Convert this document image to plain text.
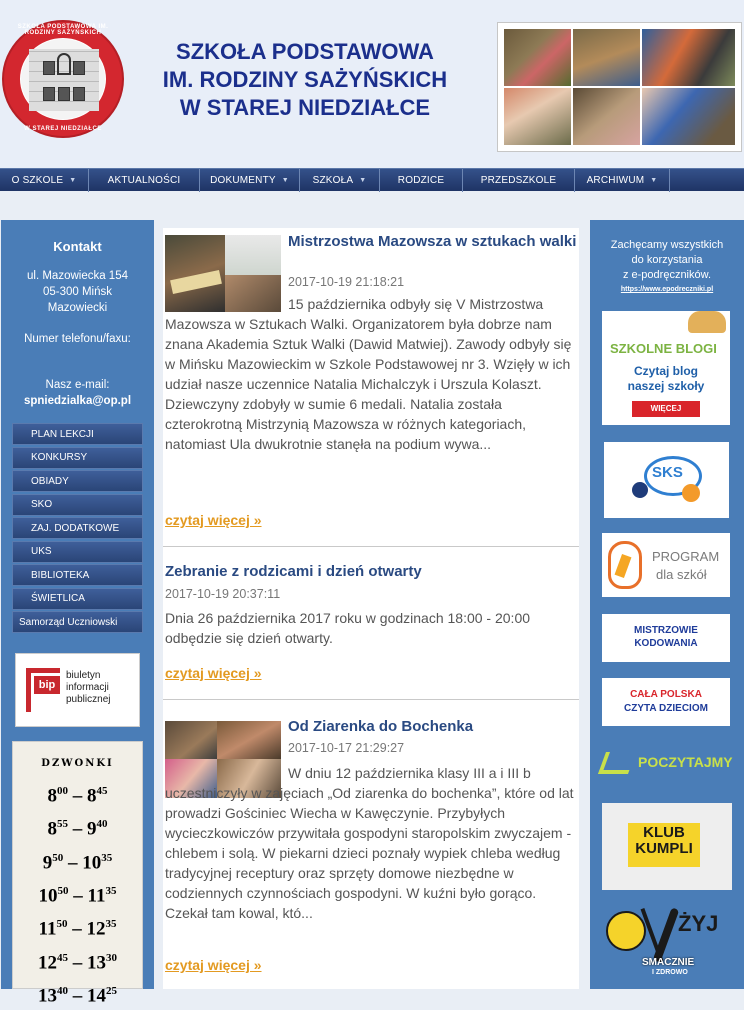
SZKOŁA PODSTAWOWA IM. RODZINY SAŻYŃSKICH
W STAREJ NIEDZIAŁCE
SZKOŁA PODSTAWOWA
IM. RODZINY SAŻYŃSKICH
W STAREJ NIEDZIAŁCE
O SZKOLE ▼	AKTUALNOŚCI	DOKUMENTY ▼ SZKOŁA ▼	RODZICE	PRZEDSZKOLE	ARCHIWUM ▼
Kontakt
ul. Mazowiecka 154
05-300 Mińsk
Mazowiecki
Numer telefonu/faxu:
Nasz e-mail:
spniedzialka@op.pl
PLAN LEKCJI
KONKURSY
OBIADY
SKO
ZAJ. DODATKOWE
UKS
BIBLIOTEKA
ŚWIETLICA
Samorząd Uczniowski
bip
biuletyn
informacji
publicznej
DZWONKI
$8^{00} - 8^{45}$
$8^{55} - 9^{40}$
$9^{50} - 10^{35}$
$10^{50} - 11^{35}$
$11^{50} - 12^{35}$
$12^{45} - 13^{30}$
$13^{40} - 14^{25}$
Mistrzostwa Mazowsza w sztukach walki
2017-10-19 21:18:21
15 października odbyły się V Mistrzostwa Mazowsza w Sztukach Walki. Organizatorem była dobrze nam znana Akademia Sztuk Walki (Dawid Matwiej). Zawody odbyły się w Mińsku Mazowieckim w Szkole Podstawowej nr 3. Wzięły w ich udział nasze uczennice Natalia Michalczyk i Urszula Kolaszt. Dziewczyny zdobyły w sumie 6 medali. Natalia została czterokrotną Mistrzynią Mazowsza w różnych kategoriach, natomiast Ula dwukrotnie stanęła na podium wywa...
czytaj więcej »
Zebranie z rodzicami i dzień otwarty
2017-10-19 20:37:11
Dnia 26 października 2017 roku w godzinach 18:00 - 20:00 odbędzie się dzień otwarty.
czytaj więcej »
Od Ziarenka do Bochenka
2017-10-17 21:29:27
W dniu 12 października klasy III a i III b uczestniczyły w zajęciach „Od ziarenka do bochenka”, które od lat prowadzi Gościniec Wiecha w Kawęczynie. Przybyłych wycieczkowiczów przywitała gospodyni staropolskim zwyczajem - chlebem i solą. W piekarni dzieci poznały wypiek chleba według tradycyjnej receptury oraz sprzęty domowe niezbędne w codziennych czynnościach gospodyni. W kuźni było gorąco. Czekał tam kowal, któ...
czytaj więcej »
Zachęcamy wszystkich
do korzystania
z e-podręczników.
https://www.epodreczniki.pl
SZKOLNE BLOGI
Czytaj blog
naszej szkoły
WIĘCEJ
SKS
PROGRAM
dla szkół
MISTRZOWIE
KODOWANIA
CAŁA POLSKA
CZYTA DZIECIOM
POCZYTAJMY
KLUB
KUMPLI
ŻYJ
SMACZNIE
I ZDROWO
